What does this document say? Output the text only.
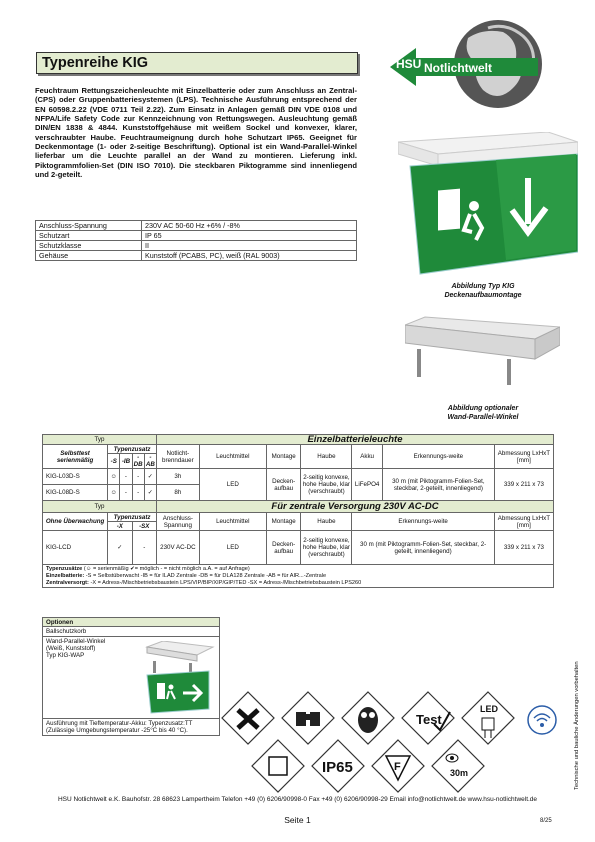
Typenreihe KIG	HSU Notlichtwelt
Feuchtraum Rettungszeichenleuchte mit Einzelbatterie oder zum Anschluss an Zentral- (CPS) oder Gruppenbatteriesystemen (LPS). Technische Ausführung entsprechend der EN 60598.2.22 (VDE 0711 Teil 2.22). Zum Einsatz in Anlagen gemäß DIN VDE 0108 und NFPA/Life Safety Code zur Kennzeichnung von Rettungswegen. Ausleuchtung gemäß DIN/EN 1838 & 4844. Kunststoffgehäuse mit weißem Sockel und konvexer, klarer, verschraubter Haube. Feuchtraumeignung durch hohe Schutzart IP65. Geeignet für Deckenmontage (1- oder 2-seitige Beschriftung). Optional ist ein Wand-Parallel-Winkel lieferbar um die Leuchte parallel an der Wand zu montieren. Lieferung inkl. Piktogrammfolien-Set (DIN ISO 7010). Die steckbaren Piktogramme sind innenliegend und 2-geteilt.
Anschluss-Spannung	230V AC 50-60 Hz +6% / -8%
Schutzart	IP 65
Schutzklasse	II
Gehäuse	Kunststoff (PCABS, PC), weiß (RAL 9003)
Abbildung Typ KIG
Deckenaufbaumontage
Abbildung optionaler
Wand-Parallel-Winkel
Typ					Einzelbatterieleuchte						
Selbsttest serienmäßig	Typenzusatz				Notlicht-brenndauer	Leuchtmittel	Montage	Haube	Akku	Erkennungs-weite	Abmessung LxHxT [mm]
	-S	-IB	-DB	-AB							
KIG-L03D-S	☺	-	-	✓	3h	LED	Decken-aufbau	2-seitig konvexe, hohe Haube, klar (verschraubt)	LiFePO4	30 m (mit Piktogramm-Folien-Set, steckbar, 2-geteilt, innenliegend)	339 x 211 x 73
KIG-L08D-S	☺	-	-	✓	8h						
Typ					Für zentrale Versorgung 230V AC-DC						
Ohne Überwachung	Typenzusatz				Anschluss-Spannung	Leuchtmittel	Montage	Haube	Erkennungs-weite		Abmessung LxHxT [mm]
	-X		-SX								
KIG-LCD	✓		-		230V AC-DC	LED	Decken-aufbau	2-seitig konvexe, hohe Haube, klar (verschraubt)	30 m (mit Piktogramm-Folien-Set, steckbar, 2-geteilt, innenliegend)		339 x 211 x 73
Typenzusätze (☺ = serienmäßig ✔= möglich - = nicht möglich a.A. = auf Anfrage)
Einzelbatterie: -S = Selbstüberwacht -IB = für ILAD Zentrale -DB = für DLA128 Zentrale -AB = für AIR...-Zentrale
Zentralversorgt: -X = Adress-/Mischbetriebsbaustein LPS/VIP/BIP/XIP/GIP/TED -SX = Adress-/Mischbetriebsbaustein LPS260
Optionen
Ballschutzkorb
Wand-Parallel-Winkel
(Weiß, Kunststoff)
Typ KIG-WAP
Ausführung mit Tieftemperatur-Akku: Typenzusatz:TT
(Zulässige Umgebungstemperatur -25°C bis 40 °C).
Test
LED
IP65	F	30m	Technische und bauliche Änderungen vorbehalten
HSU Notlichtwelt e.K. Bauhofstr. 28 68623 Lampertheim Telefon +49 (0) 6206/90998-0 Fax +49 (0) 6206/90998-29 Email info@notlichtwelt.de www.hsu-notlichtwelt.de
Seite 1	8/25
